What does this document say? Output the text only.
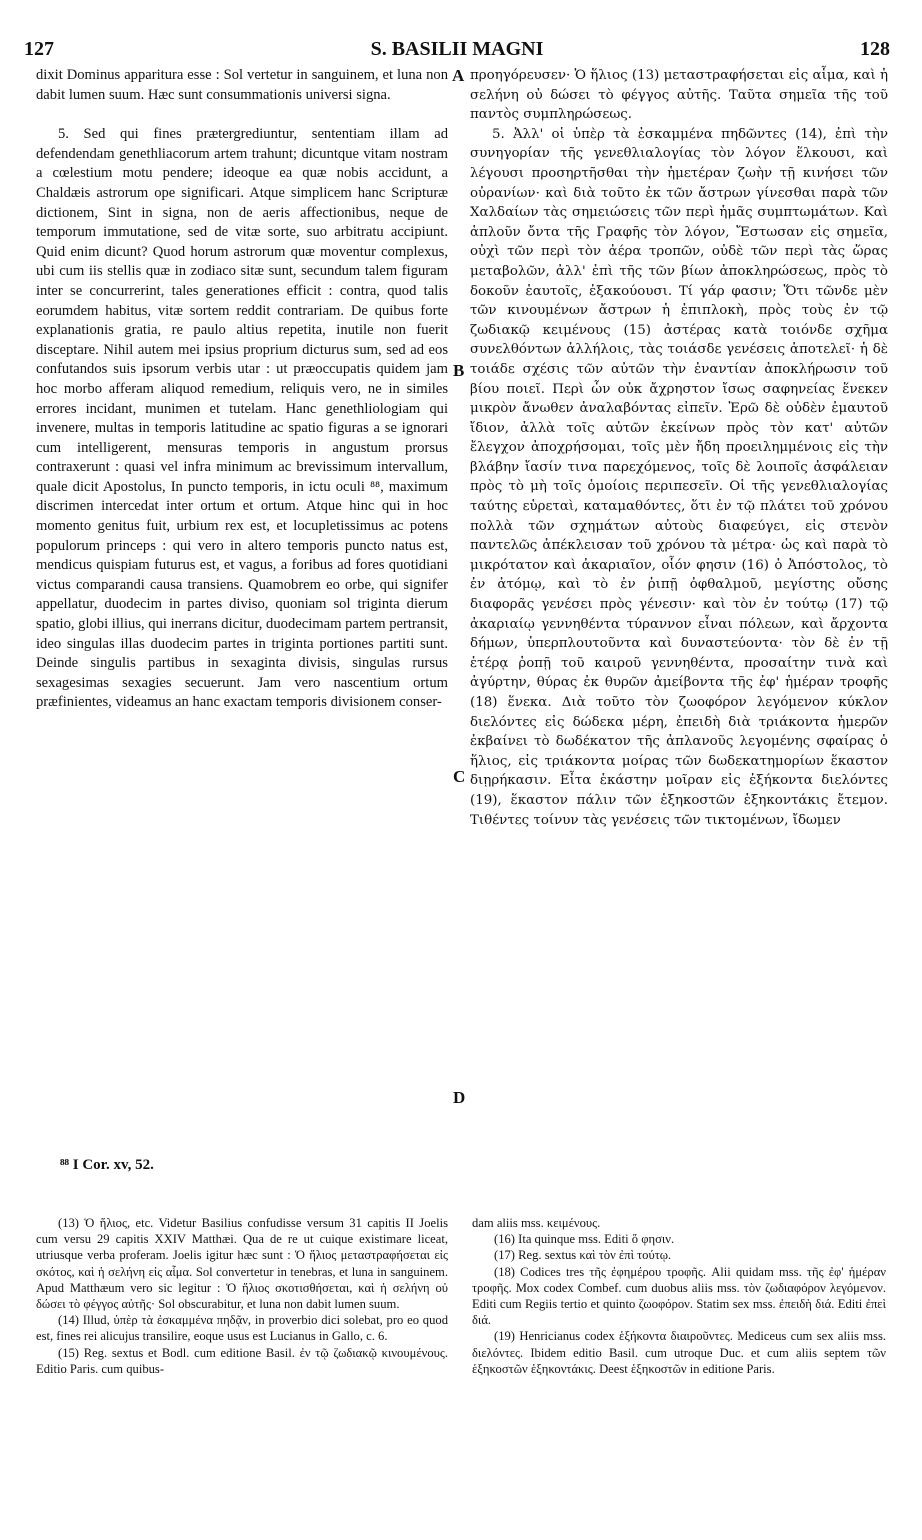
127	S. BASILII MAGNI	128

dixit Dominus apparitura esse : Sol vertetur in sanguinem, et luna non dabit lumen suum. Hæc sunt consummationis universi signa.

5. Sed qui fines prætergrediuntur, sententiam illam ad defendendam genethliacorum artem trahunt; dicuntque vitam nostram a cœlestium motu pendere; ideoque ea quæ nobis accidunt, a Chaldæis astrorum ope significari. Atque simplicem hanc Scripturæ dictionem, Sint in signa, non de aeris affectionibus, neque de temporum immutatione, sed de vitæ sorte, suo arbitratu accipiunt. Quid enim dicunt? Quod horum astrorum quæ moventur complexus, ubi cum iis stellis quæ in zodiaco sitæ sunt, secundum talem figuram inter se concurrerint, tales generationes efficit : contra, quod talis eorumdem habitus, vitæ sortem reddit contrariam. De quibus forte explanationis gratia, re paulo altius repetita, inutile non fuerit disceptare. Nihil autem mei ipsius proprium dicturus sum, sed ad eos confutandos suis ipsorum verbis utar : ut præoccupatis quidem jam hoc morbo afferam aliquod remedium, reliquis vero, ne in similes errores incidant, munimen et tutelam. Hanc genethliologiam qui invenere, multas in temporis latitudine ac spatio figuras a se ignorari cum intelligerent, mensuras temporis in angustum prorsus contraxerunt : quasi vel infra minimum ac brevissimum intervallum, quale dicit Apostolus, In puncto temporis, in ictu oculi ⁸⁸, maximum discrimen intercedat inter ortum et ortum. Atque hinc qui in hoc momento genitus fuit, urbium rex est, et locupletissimus ac potens populorum princeps : qui vero in altero temporis puncto natus est, mendicus quispiam futurus est, et vagus, a foribus ad fores quotidiani victus comparandi causa transiens. Quamobrem eo orbe, qui signifer appellatur, duodecim in partes diviso, quoniam sol triginta dierum spatio, globi illius, qui inerrans dicitur, duodecimam partem pertransit, ideo singulas illas duodecim partes in triginta portiones partiti sunt. Deinde singulis partibus in sexaginta divisis, singulas rursus sexagesimas sexagies secuerunt. Jam vero nascentium ortum præfinientes, videamus an hanc exactam temporis divisionem conser-

προηγόρευσεν· Ὁ ἥλιος (13) μεταστραφήσεται εἰς αἷμα, καὶ ἡ σελήνη οὐ δώσει τὸ φέγγος αὐτῆς. Ταῦτα σημεῖα τῆς τοῦ παντὸς συμπληρώσεως.

5. Ἀλλ' οἱ ὑπὲρ τὰ ἐσκαμμένα πηδῶντες (14), ἐπὶ τὴν συνηγορίαν τῆς γενεθλιαλογίας τὸν λόγον ἕλκουσι, καὶ λέγουσι προσηρτῆσθαι τὴν ἡμετέραν ζωὴν τῇ κινήσει τῶν οὐρανίων· καὶ διὰ τοῦτο ἐκ τῶν ἄστρων γίνεσθαι παρὰ τῶν Χαλδαίων τὰς σημειώσεις τῶν περὶ ἡμᾶς συμπτωμάτων. Καὶ ἁπλοῦν ὄντα τῆς Γραφῆς τὸν λόγον, Ἔστωσαν εἰς σημεῖα, οὐχὶ τῶν περὶ τὸν ἀέρα τροπῶν, οὐδὲ τῶν περὶ τὰς ὥρας μεταβολῶν, ἀλλ' ἐπὶ τῆς τῶν βίων ἀποκληρώσεως, πρὸς τὸ δοκοῦν ἑαυτοῖς, ἐξακούουσι. Τί γάρ φασιν; Ὅτι τῶνδε μὲν τῶν κινουμένων ἄστρων ἡ ἐπιπλοκὴ, πρὸς τοὺς ἐν τῷ ζωδιακῷ κειμένους (15) ἀστέρας κατὰ τοιόνδε σχῆμα συνελθόντων ἀλλήλοις, τὰς τοιάσδε γενέσεις ἀποτελεῖ· ἡ δὲ τοιάδε σχέσις τῶν αὐτῶν τὴν ἐναντίαν ἀποκλήρωσιν τοῦ βίου ποιεῖ. Περὶ ὧν οὐκ ἄχρηστον ἴσως σαφηνείας ἕνεκεν μικρὸν ἄνωθεν ἀναλαβόντας εἰπεῖν. Ἐρῶ δὲ οὐδὲν ἐμαυτοῦ ἴδιον, ἀλλὰ τοῖς αὐτῶν ἐκείνων πρὸς τὸν κατ' αὐτῶν ἔλεγχον ἀποχρήσομαι, τοῖς μὲν ἤδη προειλημμένοις εἰς τὴν βλάβην ἴασίν τινα παρεχόμενος, τοῖς δὲ λοιποῖς ἀσφάλειαν πρὸς τὸ μὴ τοῖς ὁμοίοις περιπεσεῖν. Οἱ τῆς γενεθλιαλογίας ταύτης εὑρεταὶ, καταμαθόντες, ὅτι ἐν τῷ πλάτει τοῦ χρόνου πολλὰ τῶν σχημάτων αὐτοὺς διαφεύγει, εἰς στενὸν παντελῶς ἀπέκλεισαν τοῦ χρόνου τὰ μέτρα· ὡς καὶ παρὰ τὸ μικρότατον καὶ ἀκαριαῖον, οἷόν φησιν (16) ὁ Ἀπόστολος, τὸ ἐν ἀτόμῳ, καὶ τὸ ἐν ῥιπῇ ὀφθαλμοῦ, μεγίστης οὔσης διαφορᾶς γενέσει πρὸς γένεσιν· καὶ τὸν ἐν τούτῳ (17) τῷ ἀκαριαίῳ γεννηθέντα τύραννον εἶναι πόλεων, καὶ ἄρχοντα δήμων, ὑπερπλουτοῦντα καὶ δυναστεύοντα· τὸν δὲ ἐν τῇ ἑτέρᾳ ῥοπῇ τοῦ καιροῦ γεννηθέντα, προσαίτην τινὰ καὶ ἀγύρτην, θύρας ἐκ θυρῶν ἀμείβοντα τῆς ἐφ' ἡμέραν τροφῆς (18) ἕνεκα. Διὰ τοῦτο τὸν ζωοφόρον λεγόμενον κύκλον διελόντες εἰς δώδεκα μέρη, ἐπειδὴ διὰ τριάκοντα ἡμερῶν ἐκβαίνει τὸ δωδέκατον τῆς ἀπλανοῦς λεγομένης σφαίρας ὁ ἥλιος, εἰς τριάκοντα μοίρας τῶν δωδεκατημορίων ἕκαστον διῃρήκασιν. Εἶτα ἑκάστην μοῖραν εἰς ἑξήκοντα διελόντες (19), ἕκαστον πάλιν τῶν ἑξηκοστῶν ἑξηκοντάκις ἔτεμον. Τιθέντες τοίνυν τὰς γενέσεις τῶν τικτομένων, ἴδωμεν

A
B
C
D
⁸⁸ I Cor. xv, 52.

(13) Ὁ ἥλιος, etc. Videtur Basilius confudisse versum 31 capitis II Joelis cum versu 29 capitis XXIV Matthæi. Qua de re ut cuique existimare liceat, utriusque verba proferam. Joelis igitur hæc sunt : Ὁ ἥλιος μεταστραφήσεται εἰς σκότος, καὶ ἡ σελήνη εἰς αἷμα. Sol convertetur in tenebras, et luna in sanguinem. Apud Matthæum vero sic legitur : Ὁ ἥλιος σκοτισθήσεται, καὶ ἡ σελήνη οὐ δώσει τὸ φέγγος αὐτῆς· Sol obscurabitur, et luna non dabit lumen suum.

(14) Illud, ὑπὲρ τὰ ἐσκαμμένα πηδᾷν, in proverbio dici solebat, pro eo quod est, fines rei alicujus transilire, eoque usus est Lucianus in Gallo, c. 6.

(15) Reg. sextus et Bodl. cum editione Basil. ἐν τῷ ζωδιακῷ κινουμένους. Editio Paris. cum quibus-

dam aliis mss. κειμένους.

(16) Ita quinque mss. Editi ὅ φησιν.

(17) Reg. sextus καὶ τὸν ἐπὶ τούτῳ.

(18) Codices tres τῆς ἐφημέρου τροφῆς. Alii quidam mss. τῆς ἐφ' ἡμέραν τροφῆς. Mox codex Combef. cum duobus aliis mss. τὸν ζωδιαφόρον λεγόμενον. Editi cum Regiis tertio et quinto ζωοφόρον. Statim sex mss. ἐπειδὴ διά. Editi ἐπεὶ διά.

(19) Henricianus codex ἑξήκοντα διαιροῦντες. Mediceus cum sex aliis mss. διελόντες. Ibidem editio Basil. cum utroque Duc. et cum aliis septem τῶν ἑξηκοστῶν ἑξηκοντάκις. Deest ἑξηκοστῶν in editione Paris.
